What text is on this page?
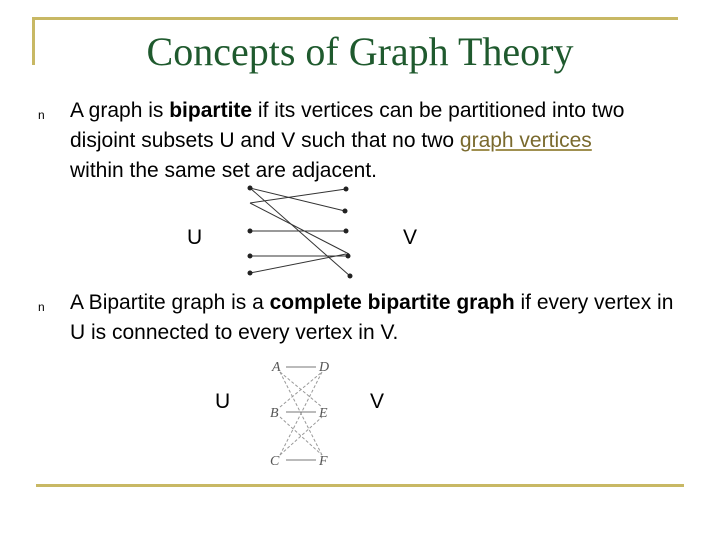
Concepts of Graph Theory
n A graph is bipartite if its vertices can be partitioned into two disjoint subsets U and V such that no two graph vertices within the same set are adjacent.
U	V
n A Bipartite graph is a complete bipartite graph if every vertex in U is connected to every vertex in V.
U	V
A
B
C
D
E
F
